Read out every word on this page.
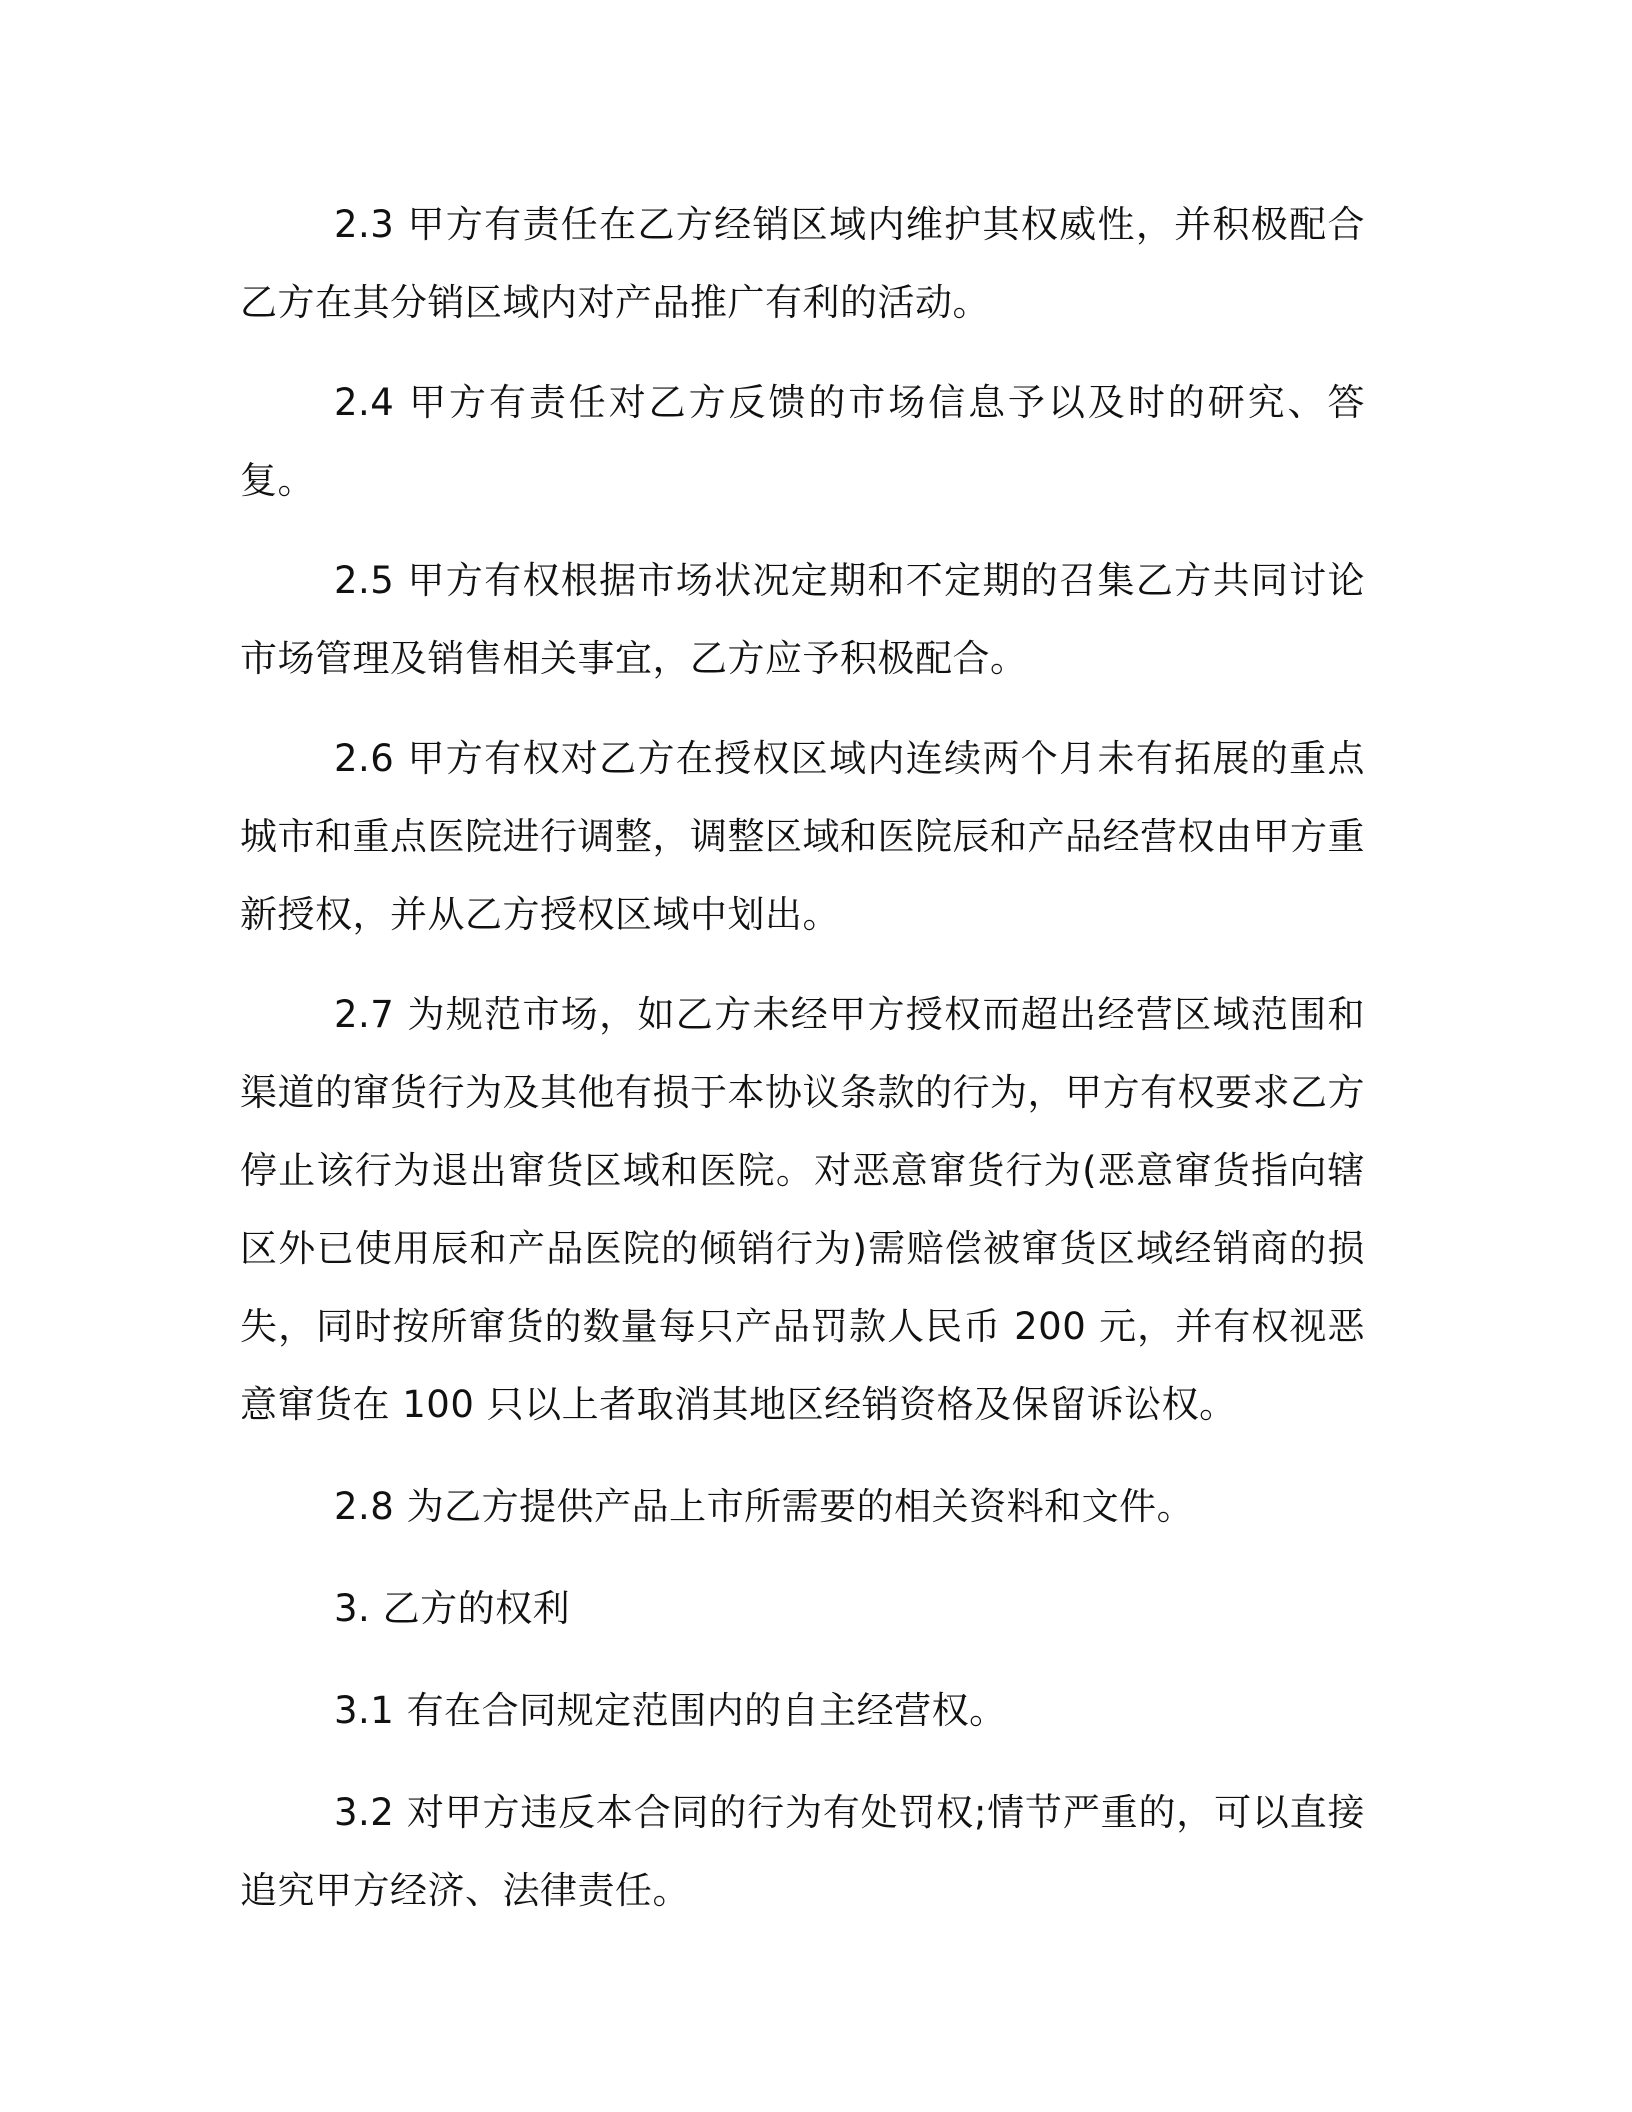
2.3 甲方有责任在乙方经销区域内维护其权威性，并积极配合乙方在其分销区域内对产品推广有利的活动。

2.4 甲方有责任对乙方反馈的市场信息予以及时的研究、答复。

2.5 甲方有权根据市场状况定期和不定期的召集乙方共同讨论市场管理及销售相关事宜，乙方应予积极配合。

2.6 甲方有权对乙方在授权区域内连续两个月未有拓展的重点城市和重点医院进行调整，调整区域和医院辰和产品经营权由甲方重新授权，并从乙方授权区域中划出。

2.7 为规范市场，如乙方未经甲方授权而超出经营区域范围和渠道的窜货行为及其他有损于本协议条款的行为，甲方有权要求乙方停止该行为退出窜货区域和医院。对恶意窜货行为(恶意窜货指向辖区外已使用辰和产品医院的倾销行为)需赔偿被窜货区域经销商的损失，同时按所窜货的数量每只产品罚款人民币 200 元，并有权视恶意窜货在 100 只以上者取消其地区经销资格及保留诉讼权。

2.8 为乙方提供产品上市所需要的相关资料和文件。

3. 乙方的权利

3.1 有在合同规定范围内的自主经营权。

3.2 对甲方违反本合同的行为有处罚权;情节严重的，可以直接追究甲方经济、法律责任。
